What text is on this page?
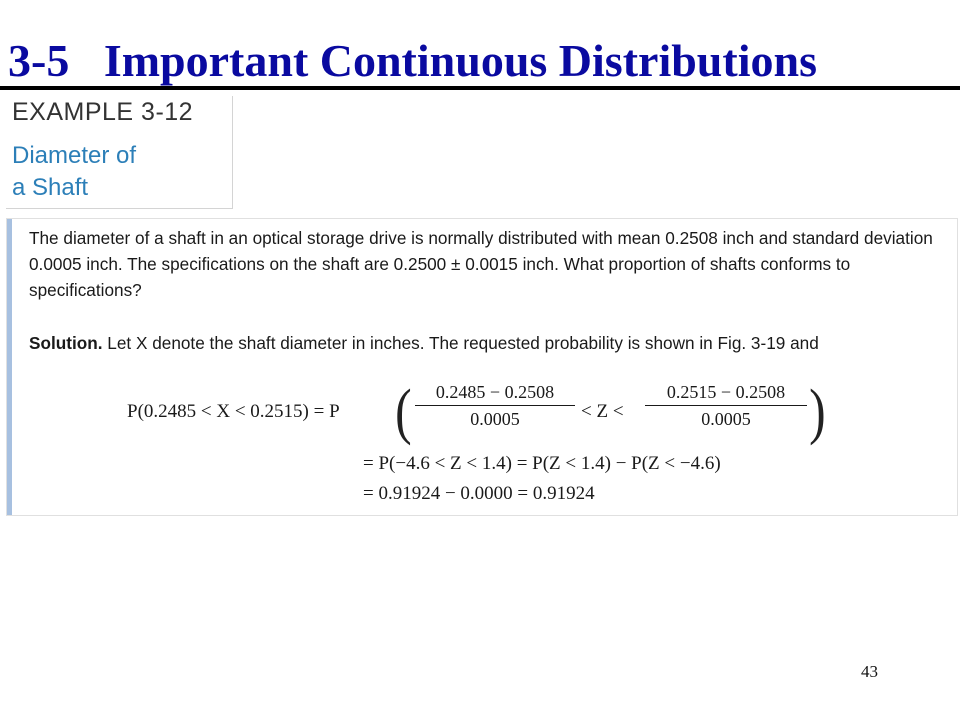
3-5   Important Continuous Distributions
EXAMPLE 3-12
Diameter of
a Shaft

The diameter of a shaft in an optical storage drive is normally distributed with mean 0.2508 inch and standard deviation 0.0005 inch. The specifications on the shaft are 0.2500 ± 0.0015 inch. What proportion of shafts conforms to specifications?

Solution. Let X denote the shaft diameter in inches. The requested probability is shown in Fig. 3-19 and
P(0.2485 < X < 0.2515) = P (	0.2485 − 0.2508
0.0005	< Z <
0.2515 − 0.2508
0.0005 )
= P(−4.6 < Z < 1.4) = P(Z < 1.4) − P(Z < −4.6)
= 0.91924 − 0.0000 = 0.91924
43
